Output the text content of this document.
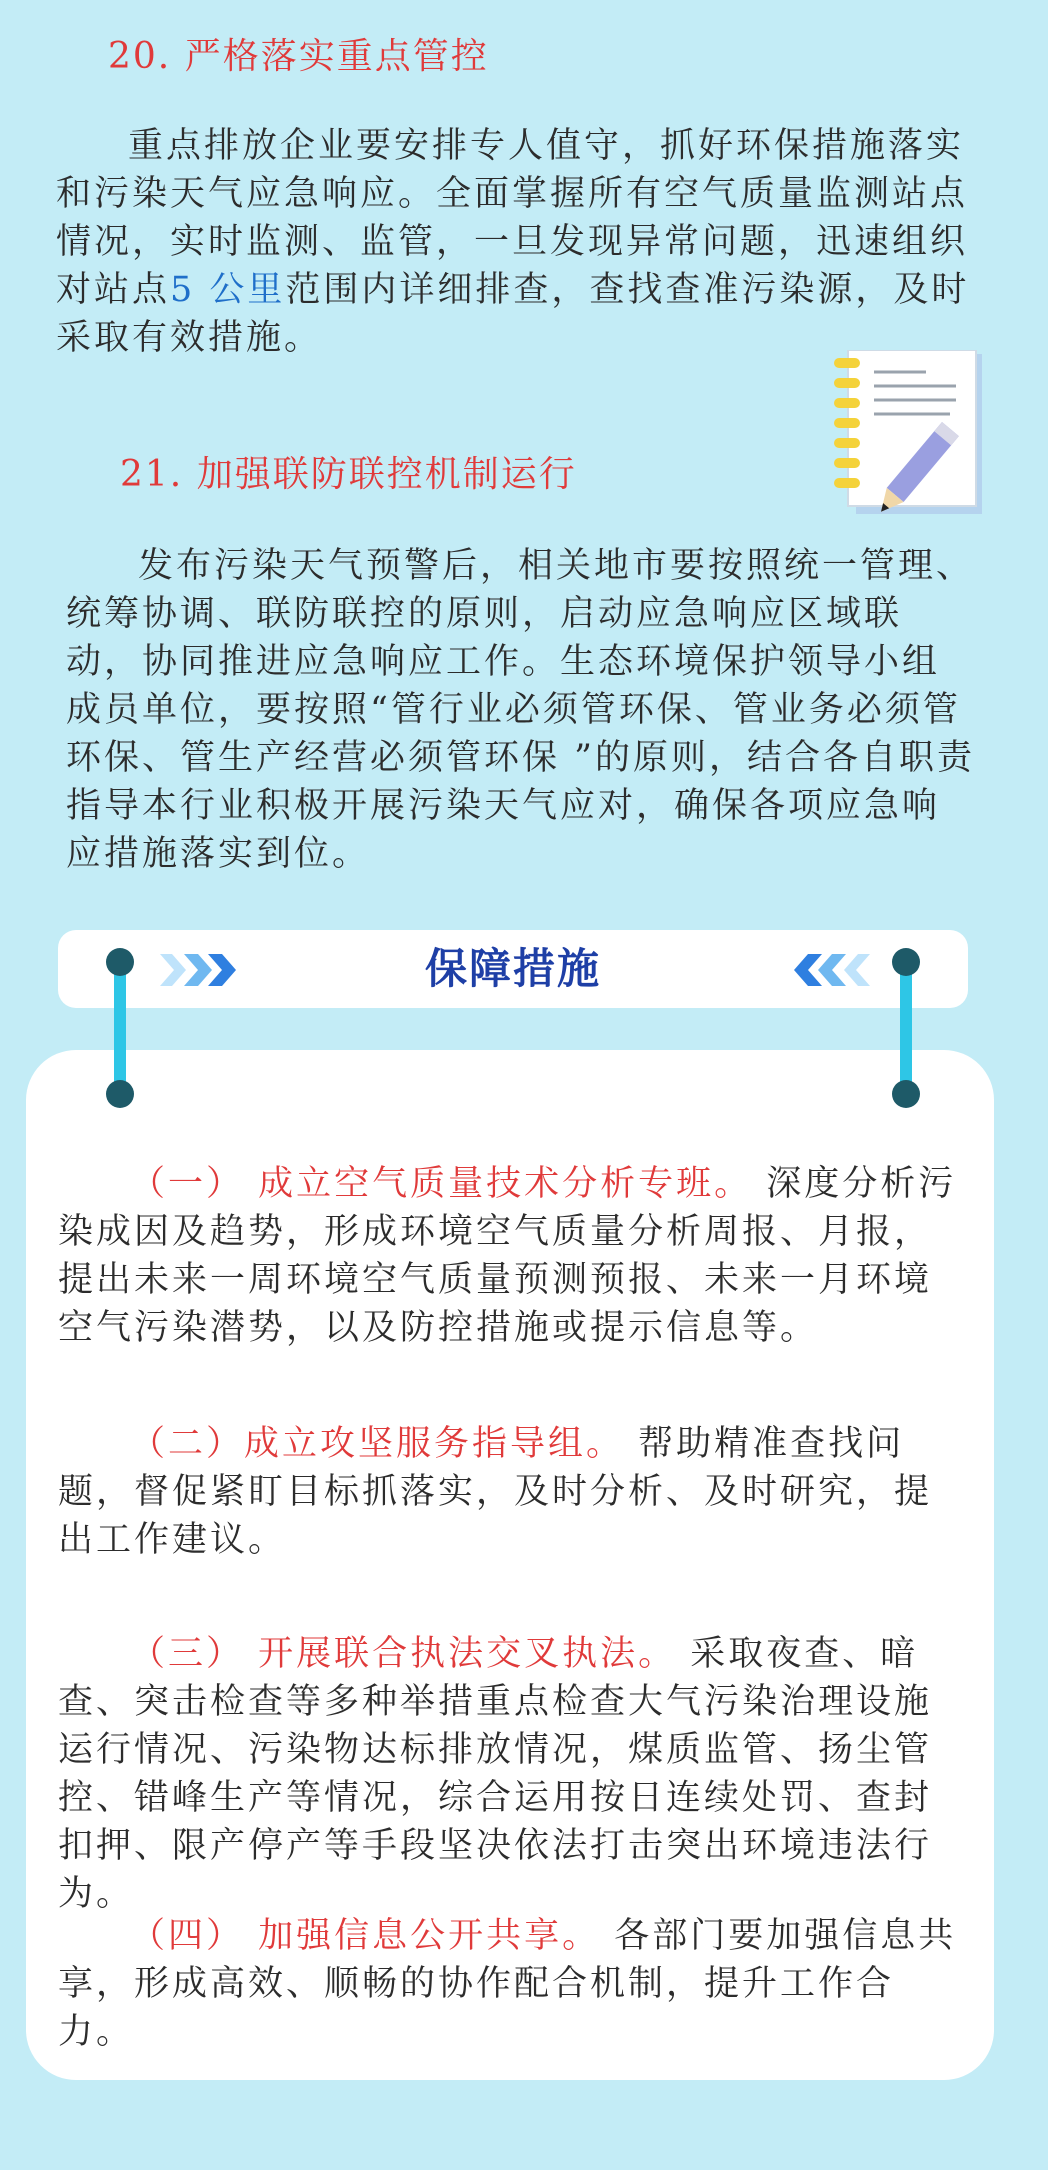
20. 严格落实重点管控
重点排放企业要安排专人值守，抓好环保措施落实和污染天气应急响应。全面掌握所有空气质量监测站点情况，实时监测、监管，一旦发现异常问题，迅速组织对站点5 公里范围内详细排查，查找查准污染源，及时采取有效措施。
21. 加强联防联控机制运行
发布污染天气预警后，相关地市要按照统一管理、统筹协调、联防联控的原则，启动应急响应区域联动，协同推进应急响应工作。生态环境保护领导小组成员单位，要按照“管行业必须管环保、管业务必须管环保、管生产经营必须管环保 ”的原则，结合各自职责指导本行业积极开展污染天气应对，确保各项应急响应措施落实到位。
保障措施
（一） 成立空气质量技术分析专班。 深度分析污染成因及趋势，形成环境空气质量分析周报、月报，提出未来一周环境空气质量预测预报、未来一月环境空气污染潜势，以及防控措施或提示信息等。
（二）成立攻坚服务指导组。 帮助精准查找问题，督促紧盯目标抓落实，及时分析、及时研究，提出工作建议。
（三） 开展联合执法交叉执法。 采取夜查、暗查、突击检查等多种举措重点检查大气污染治理设施运行情况、污染物达标排放情况，煤质监管、扬尘管控、错峰生产等情况，综合运用按日连续处罚、查封扣押、限产停产等手段坚决依法打击突出环境违法行为。
（四） 加强信息公开共享。 各部门要加强信息共享，形成高效、顺畅的协作配合机制，提升工作合力。
